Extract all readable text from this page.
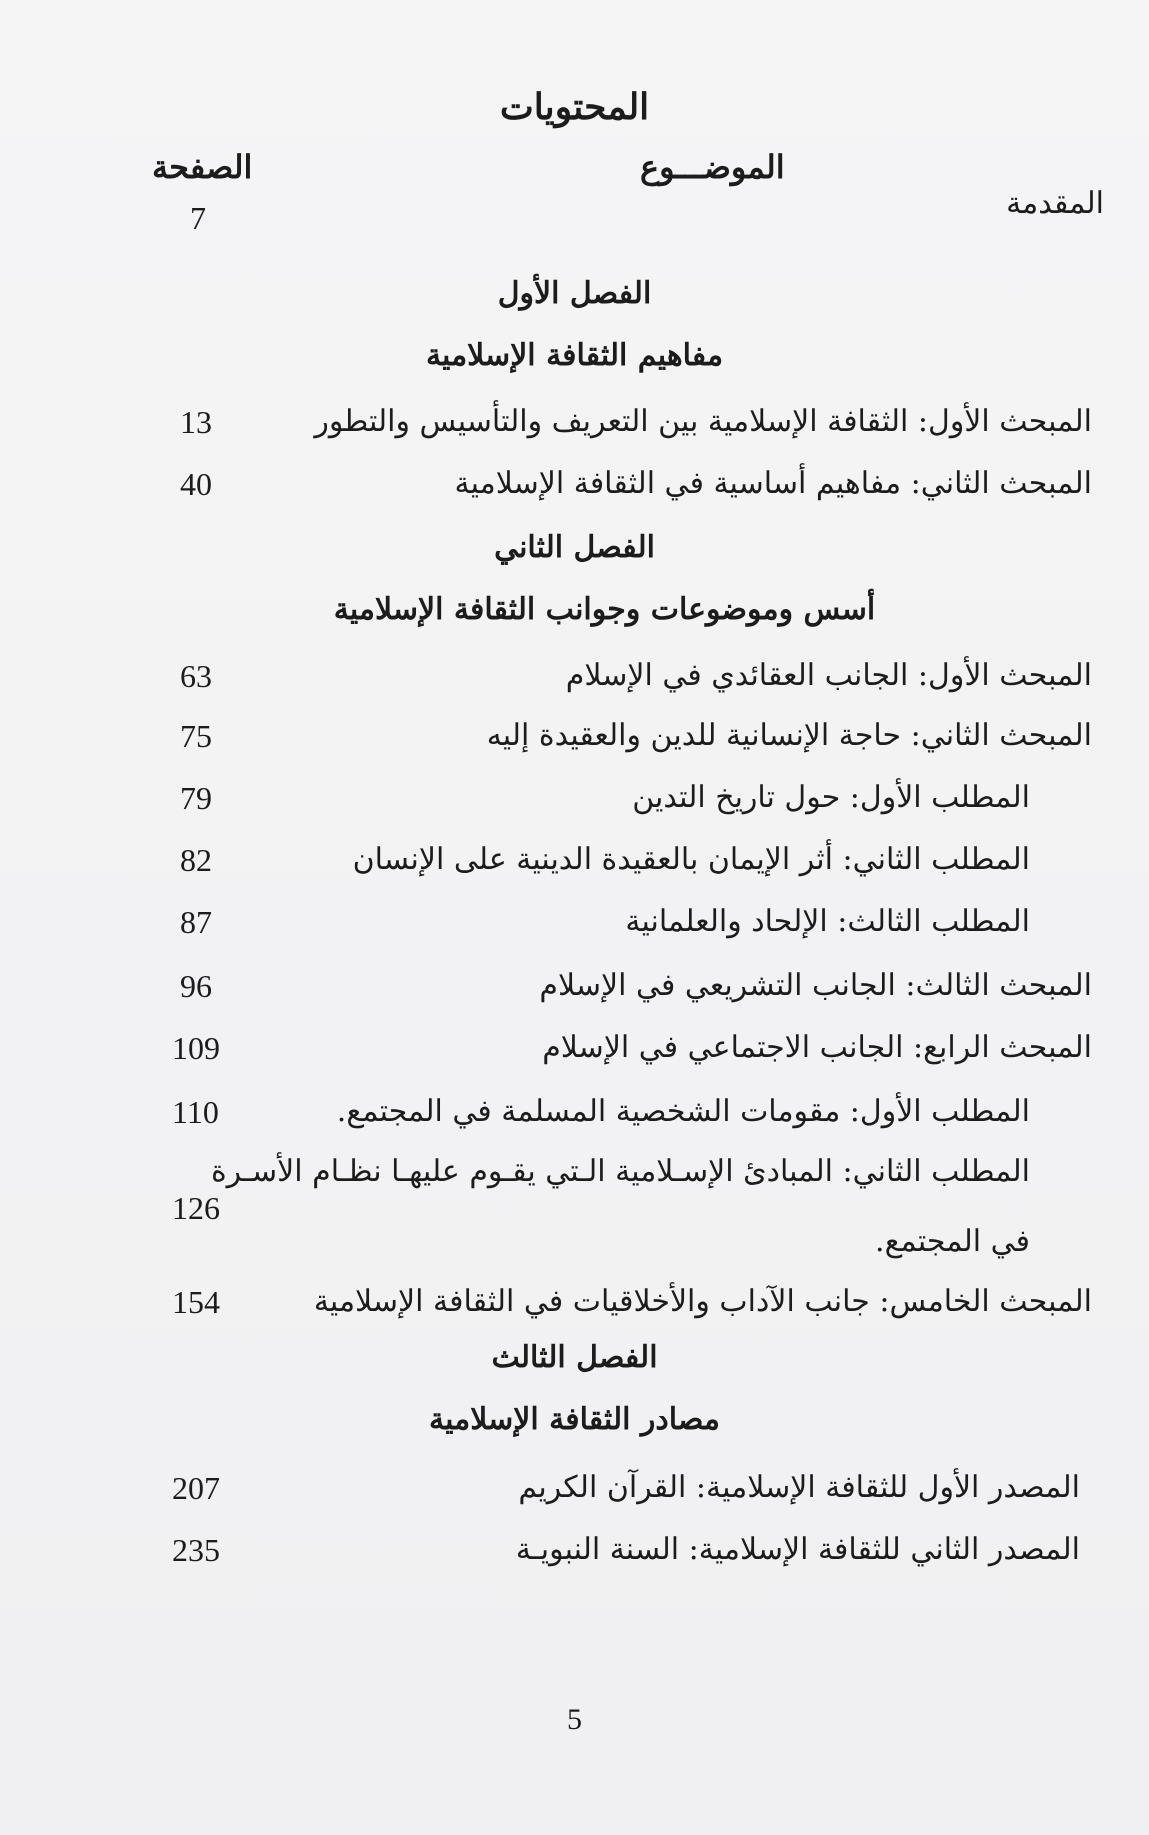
المحتويات
الموضـــوع
الصفحة
المقدمة
7
الفصل الأول
مفاهيم الثقافة الإسلامية
المبحث الأول: الثقافة الإسلامية بين التعريف والتأسيس والتطور
13
المبحث الثاني: مفاهيم أساسية في الثقافة الإسلامية
40
الفصل الثاني
أسس وموضوعات وجوانب الثقافة الإسلامية
المبحث الأول: الجانب العقائدي في الإسلام
63
المبحث الثاني: حاجة الإنسانية للدين والعقيدة إليه
75
المطلب الأول: حول تاريخ التدين
79
المطلب الثاني: أثر الإيمان بالعقيدة الدينية على الإنسان
82
المطلب الثالث: الإلحاد والعلمانية
87
المبحث الثالث: الجانب التشريعي في الإسلام
96
المبحث الرابع: الجانب الاجتماعي في الإسلام
109
المطلب الأول: مقومات الشخصية المسلمة في المجتمع.
110
المطلب الثاني: المبادئ الإسـلامية الـتي يقـوم عليهـا نظـام الأسـرة
في المجتمع.
126
المبحث الخامس: جانب الآداب والأخلاقيات في الثقافة الإسلامية
154
الفصل الثالث
مصادر الثقافة الإسلامية
المصدر الأول للثقافة الإسلامية: القرآن الكريم
207
المصدر الثاني للثقافة الإسلامية: السنة النبويـة
235
5
